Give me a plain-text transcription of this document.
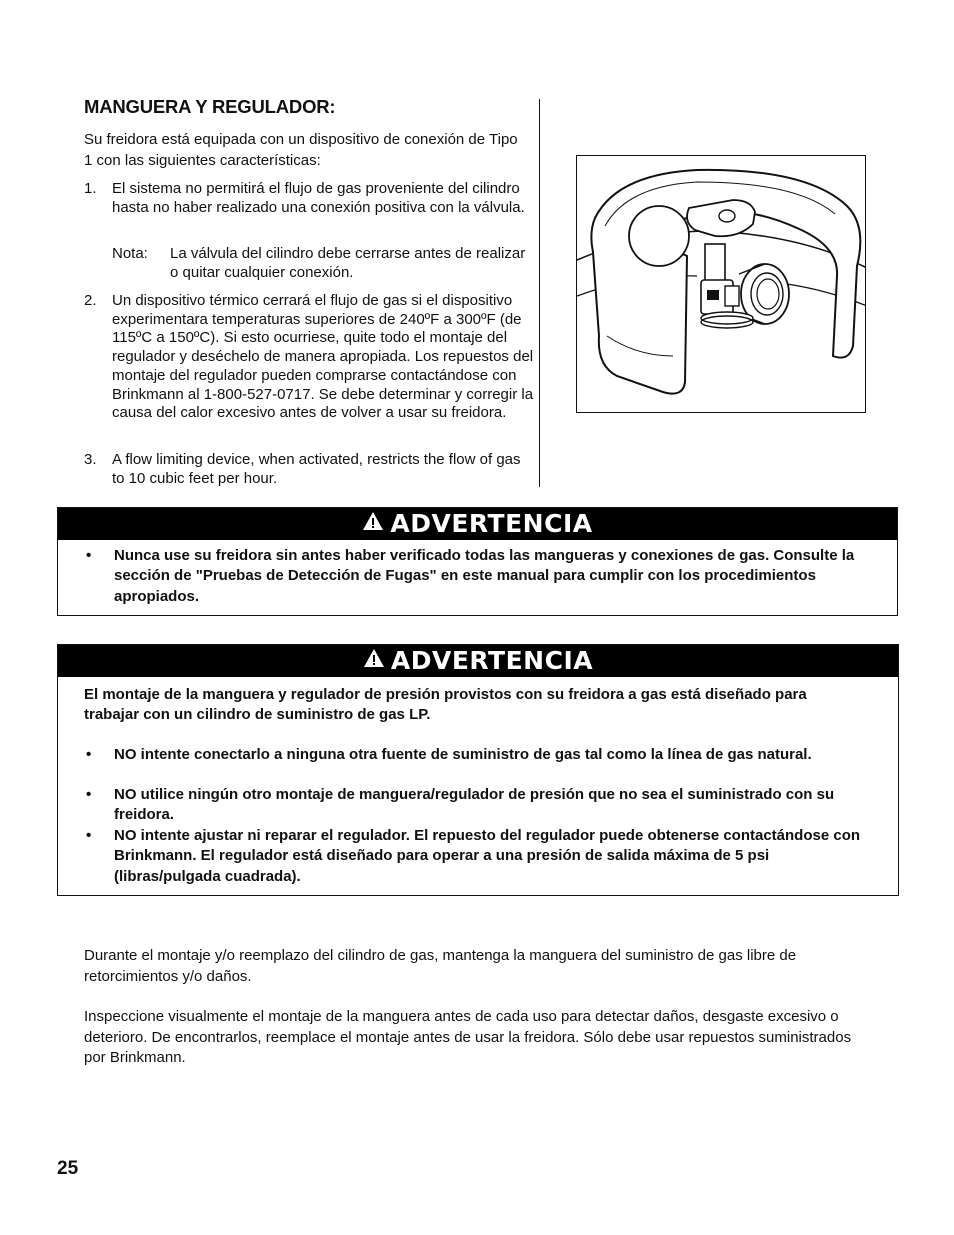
MANGUERA Y REGULADOR:
Su freidora está equipada con un dispositivo de conexión de Tipo 1 con las siguientes características:
1. El sistema no permitirá el flujo de gas proveniente del cilindro hasta no haber realizado una conexión positiva con la válvula.
Nota: La válvula del cilindro debe cerrarse antes de realizar o quitar cualquier conexión.
2. Un dispositivo térmico cerrará el flujo de gas si el dispositivo experimentara temperaturas superiores de 240ºF a 300ºF (de 115ºC a 150ºC). Si esto ocurriese, quite todo el montaje del regulador y deséchelo de manera apropiada. Los repuestos del montaje del regulador pueden comprarse contactándose con Brinkmann al 1-800-527-0717. Se debe determinar y corregir la causa del calor excesivo antes de volver a usar su freidora.
3. A flow limiting device, when activated, restricts the flow of gas to 10 cubic feet per hour.
ADVERTENCIA
• Nunca use su freidora sin antes haber verificado todas las mangueras y conexiones de gas. Consulte la sección de "Pruebas de Detección de Fugas" en este manual para cumplir con los procedimientos apropiados.
ADVERTENCIA
El montaje de la manguera y regulador de presión provistos con su freidora a gas está diseñado para trabajar con un cilindro de suministro de gas LP.
• NO intente conectarlo a ninguna otra fuente de suministro de gas tal como la línea de gas natural.
• NO utilice ningún otro montaje de manguera/regulador de presión que no sea el suministrado con su freidora.
• NO intente ajustar ni reparar el regulador. El repuesto del regulador puede obtenerse contactándose con Brinkmann. El regulador está diseñado para operar a una presión de salida máxima de 5 psi (libras/pulgada cuadrada).
Durante el montaje y/o reemplazo del cilindro de gas, mantenga la manguera del suministro de gas libre de retorcimientos y/o daños.
Inspeccione visualmente el montaje de la manguera antes de cada uso para detectar daños, desgaste excesivo o deterioro. De encontrarlos, reemplace el montaje antes de usar la freidora. Sólo debe usar repuestos suministrados por Brinkmann.
25
